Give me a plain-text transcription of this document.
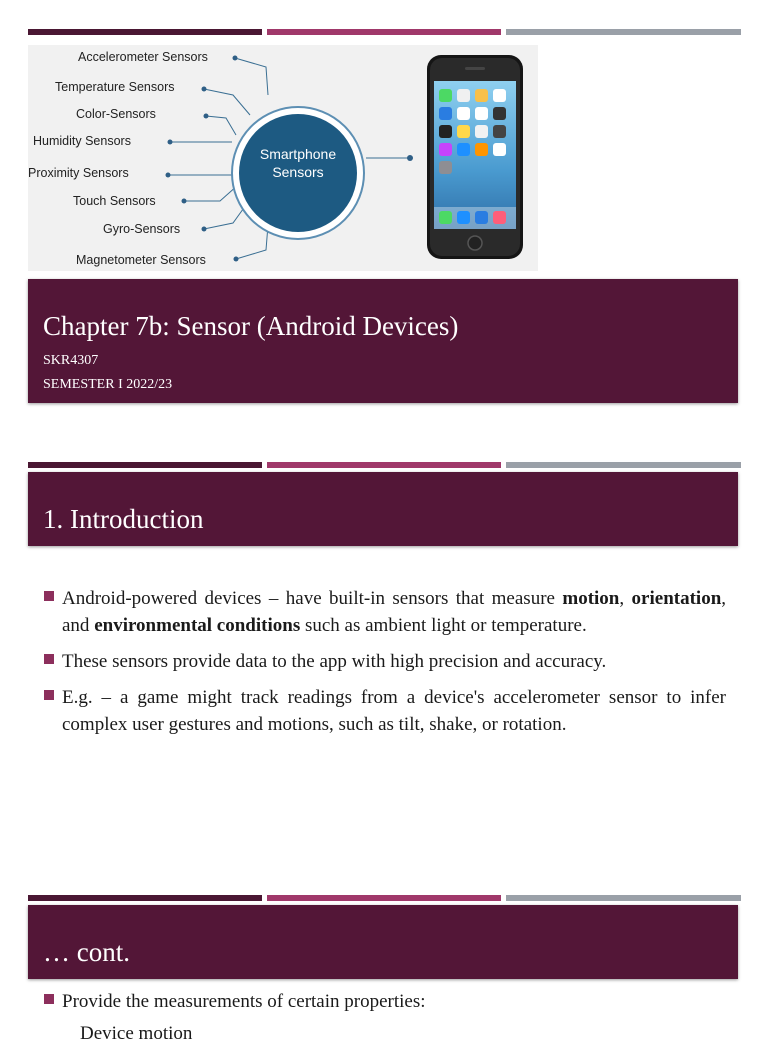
Accelerometer Sensors
Temperature Sensors
Color-Sensors
Humidity Sensors
Proximity Sensors
Touch Sensors
Gyro-Sensors
Magnetometer Sensors
Smartphone
Sensors
Chapter 7b: Sensor (Android Devices)
SKR4307
SEMESTER I 2022/23
1. Introduction
Android-powered devices – have built-in sensors that measure motion, orientation, and environmental conditions such as ambient light or temperature.
These sensors provide data to the app with high precision and accuracy.
E.g. – a game might track readings from a device's accelerometer sensor to infer complex user gestures and motions, such as tilt, shake, or rotation.
… cont.
Provide the measurements of certain properties:
Device motion
